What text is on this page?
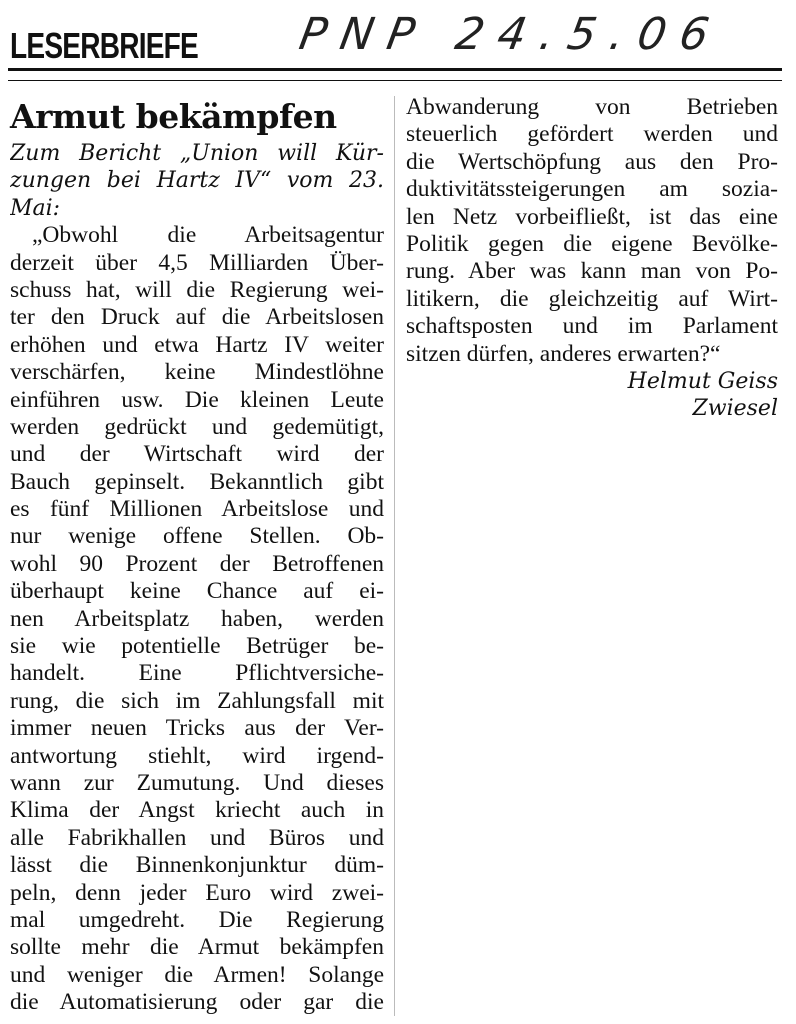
LESERBRIEFE PNP 24.5.06
Armut bekämpfen
Zum Bericht „Union will Kür-
zungen bei Hartz IV“ vom 23.
Mai:
„Obwohl die Arbeitsagentur
derzeit über 4,5 Milliarden Über-
schuss hat, will die Regierung wei-
ter den Druck auf die Arbeitslosen
erhöhen und etwa Hartz IV weiter
verschärfen, keine Mindestlöhne
einführen usw. Die kleinen Leute
werden gedrückt und gedemütigt,
und der Wirtschaft wird der
Bauch gepinselt. Bekanntlich gibt
es fünf Millionen Arbeitslose und
nur wenige offene Stellen. Ob-
wohl 90 Prozent der Betroffenen
überhaupt keine Chance auf ei-
nen Arbeitsplatz haben, werden
sie wie potentielle Betrüger be-
handelt. Eine Pflichtversiche-
rung, die sich im Zahlungsfall mit
immer neuen Tricks aus der Ver-
antwortung stiehlt, wird irgend-
wann zur Zumutung. Und dieses
Klima der Angst kriecht auch in
alle Fabrikhallen und Büros und
lässt die Binnenkonjunktur düm-
peln, denn jeder Euro wird zwei-
mal umgedreht. Die Regierung
sollte mehr die Armut bekämpfen
und weniger die Armen! Solange
die Automatisierung oder gar die
Abwanderung von Betrieben
steuerlich gefördert werden und
die Wertschöpfung aus den Pro-
duktivitätssteigerungen am sozia-
len Netz vorbeifließt, ist das eine
Politik gegen die eigene Bevölke-
rung. Aber was kann man von Po-
litikern, die gleichzeitig auf Wirt-
schaftsposten und im Parlament
sitzen dürfen, anderes erwarten?“
Helmut Geiss
Zwiesel
